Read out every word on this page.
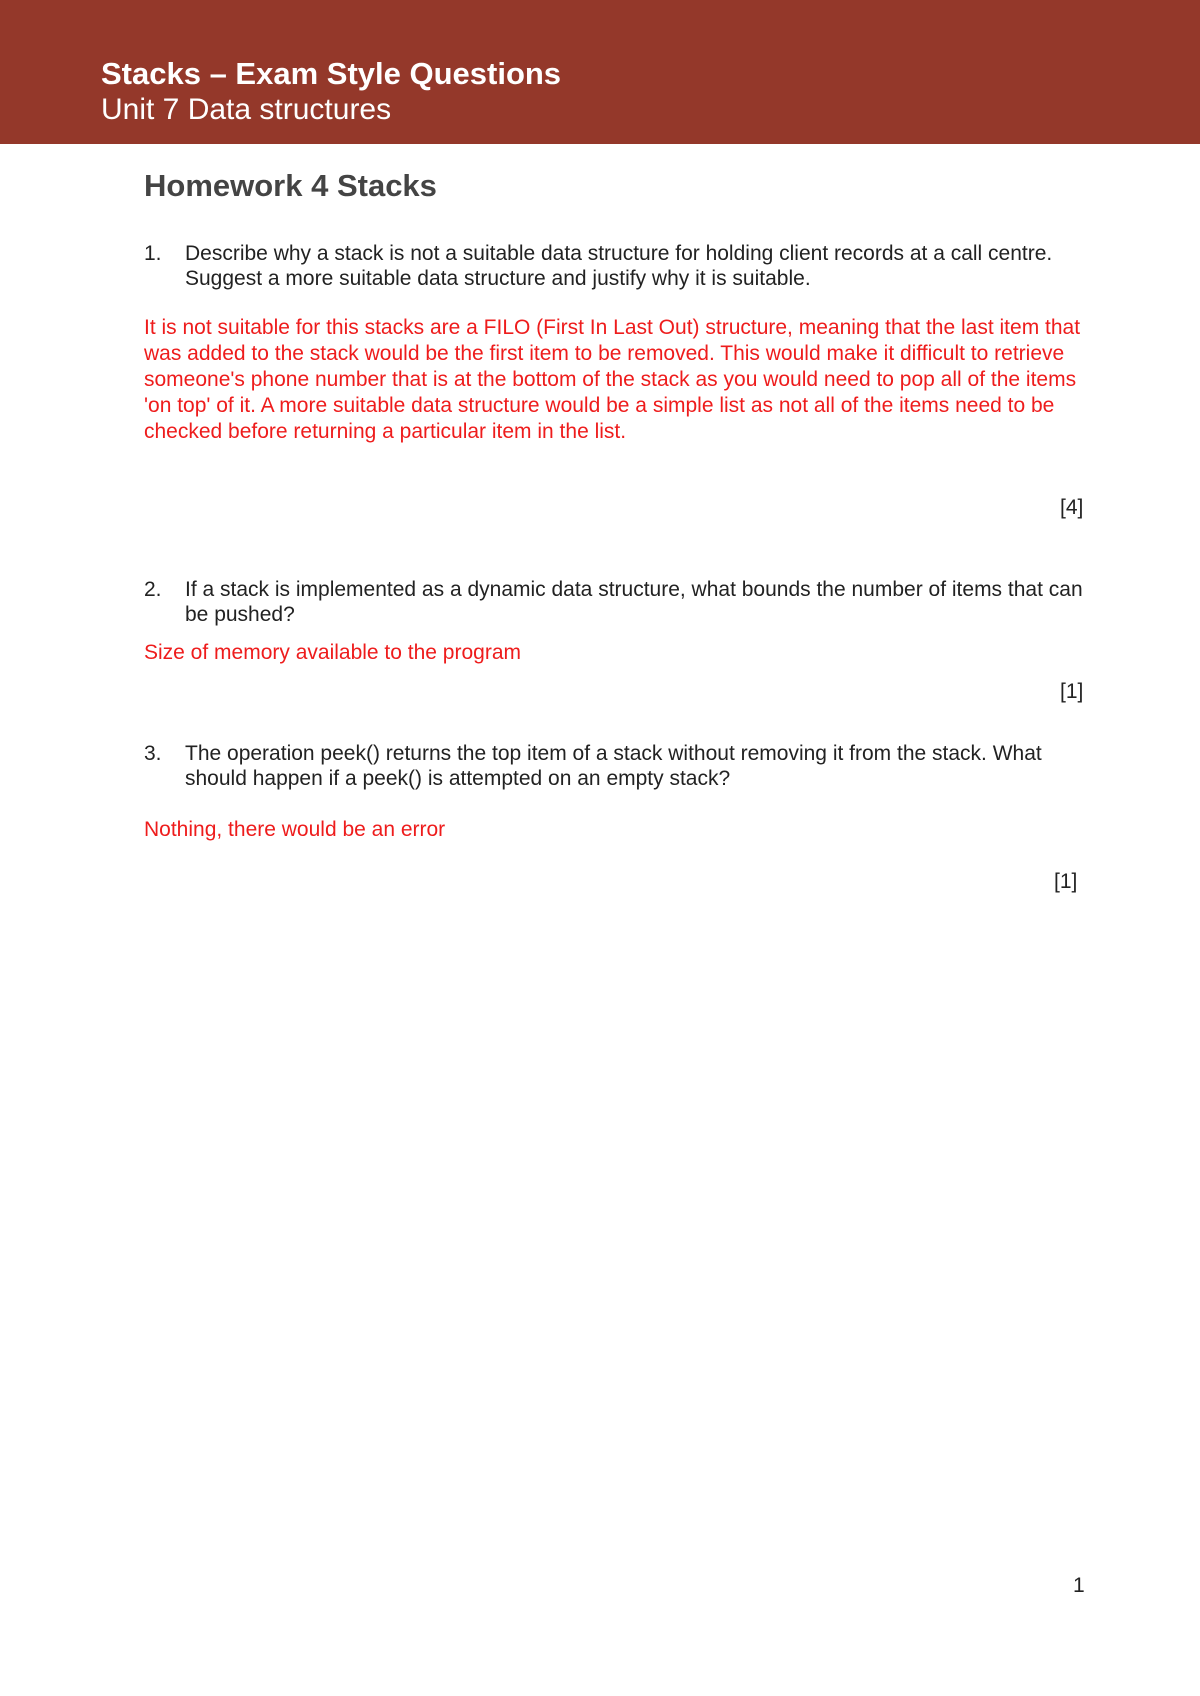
Stacks – Exam Style Questions
Unit 7 Data structures
Homework 4 Stacks
1. Describe why a stack is not a suitable data structure for holding client records at a call centre. Suggest a more suitable data structure and justify why it is suitable.
It is not suitable for this stacks are a FILO (First In Last Out) structure, meaning that the last item that was added to the stack would be the first item to be removed. This would make it difficult to retrieve someone's phone number that is at the bottom of the stack as you would need to pop all of the items 'on top' of it. A more suitable data structure would be a simple list as not all of the items need to be checked before returning a particular item in the list.
[4]
2. If a stack is implemented as a dynamic data structure, what bounds the number of items that can be pushed?
Size of memory available to the program
[1]
3. The operation peek() returns the top item of a stack without removing it from the stack. What should happen if a peek() is attempted on an empty stack?
Nothing, there would be an error
[1]
1
